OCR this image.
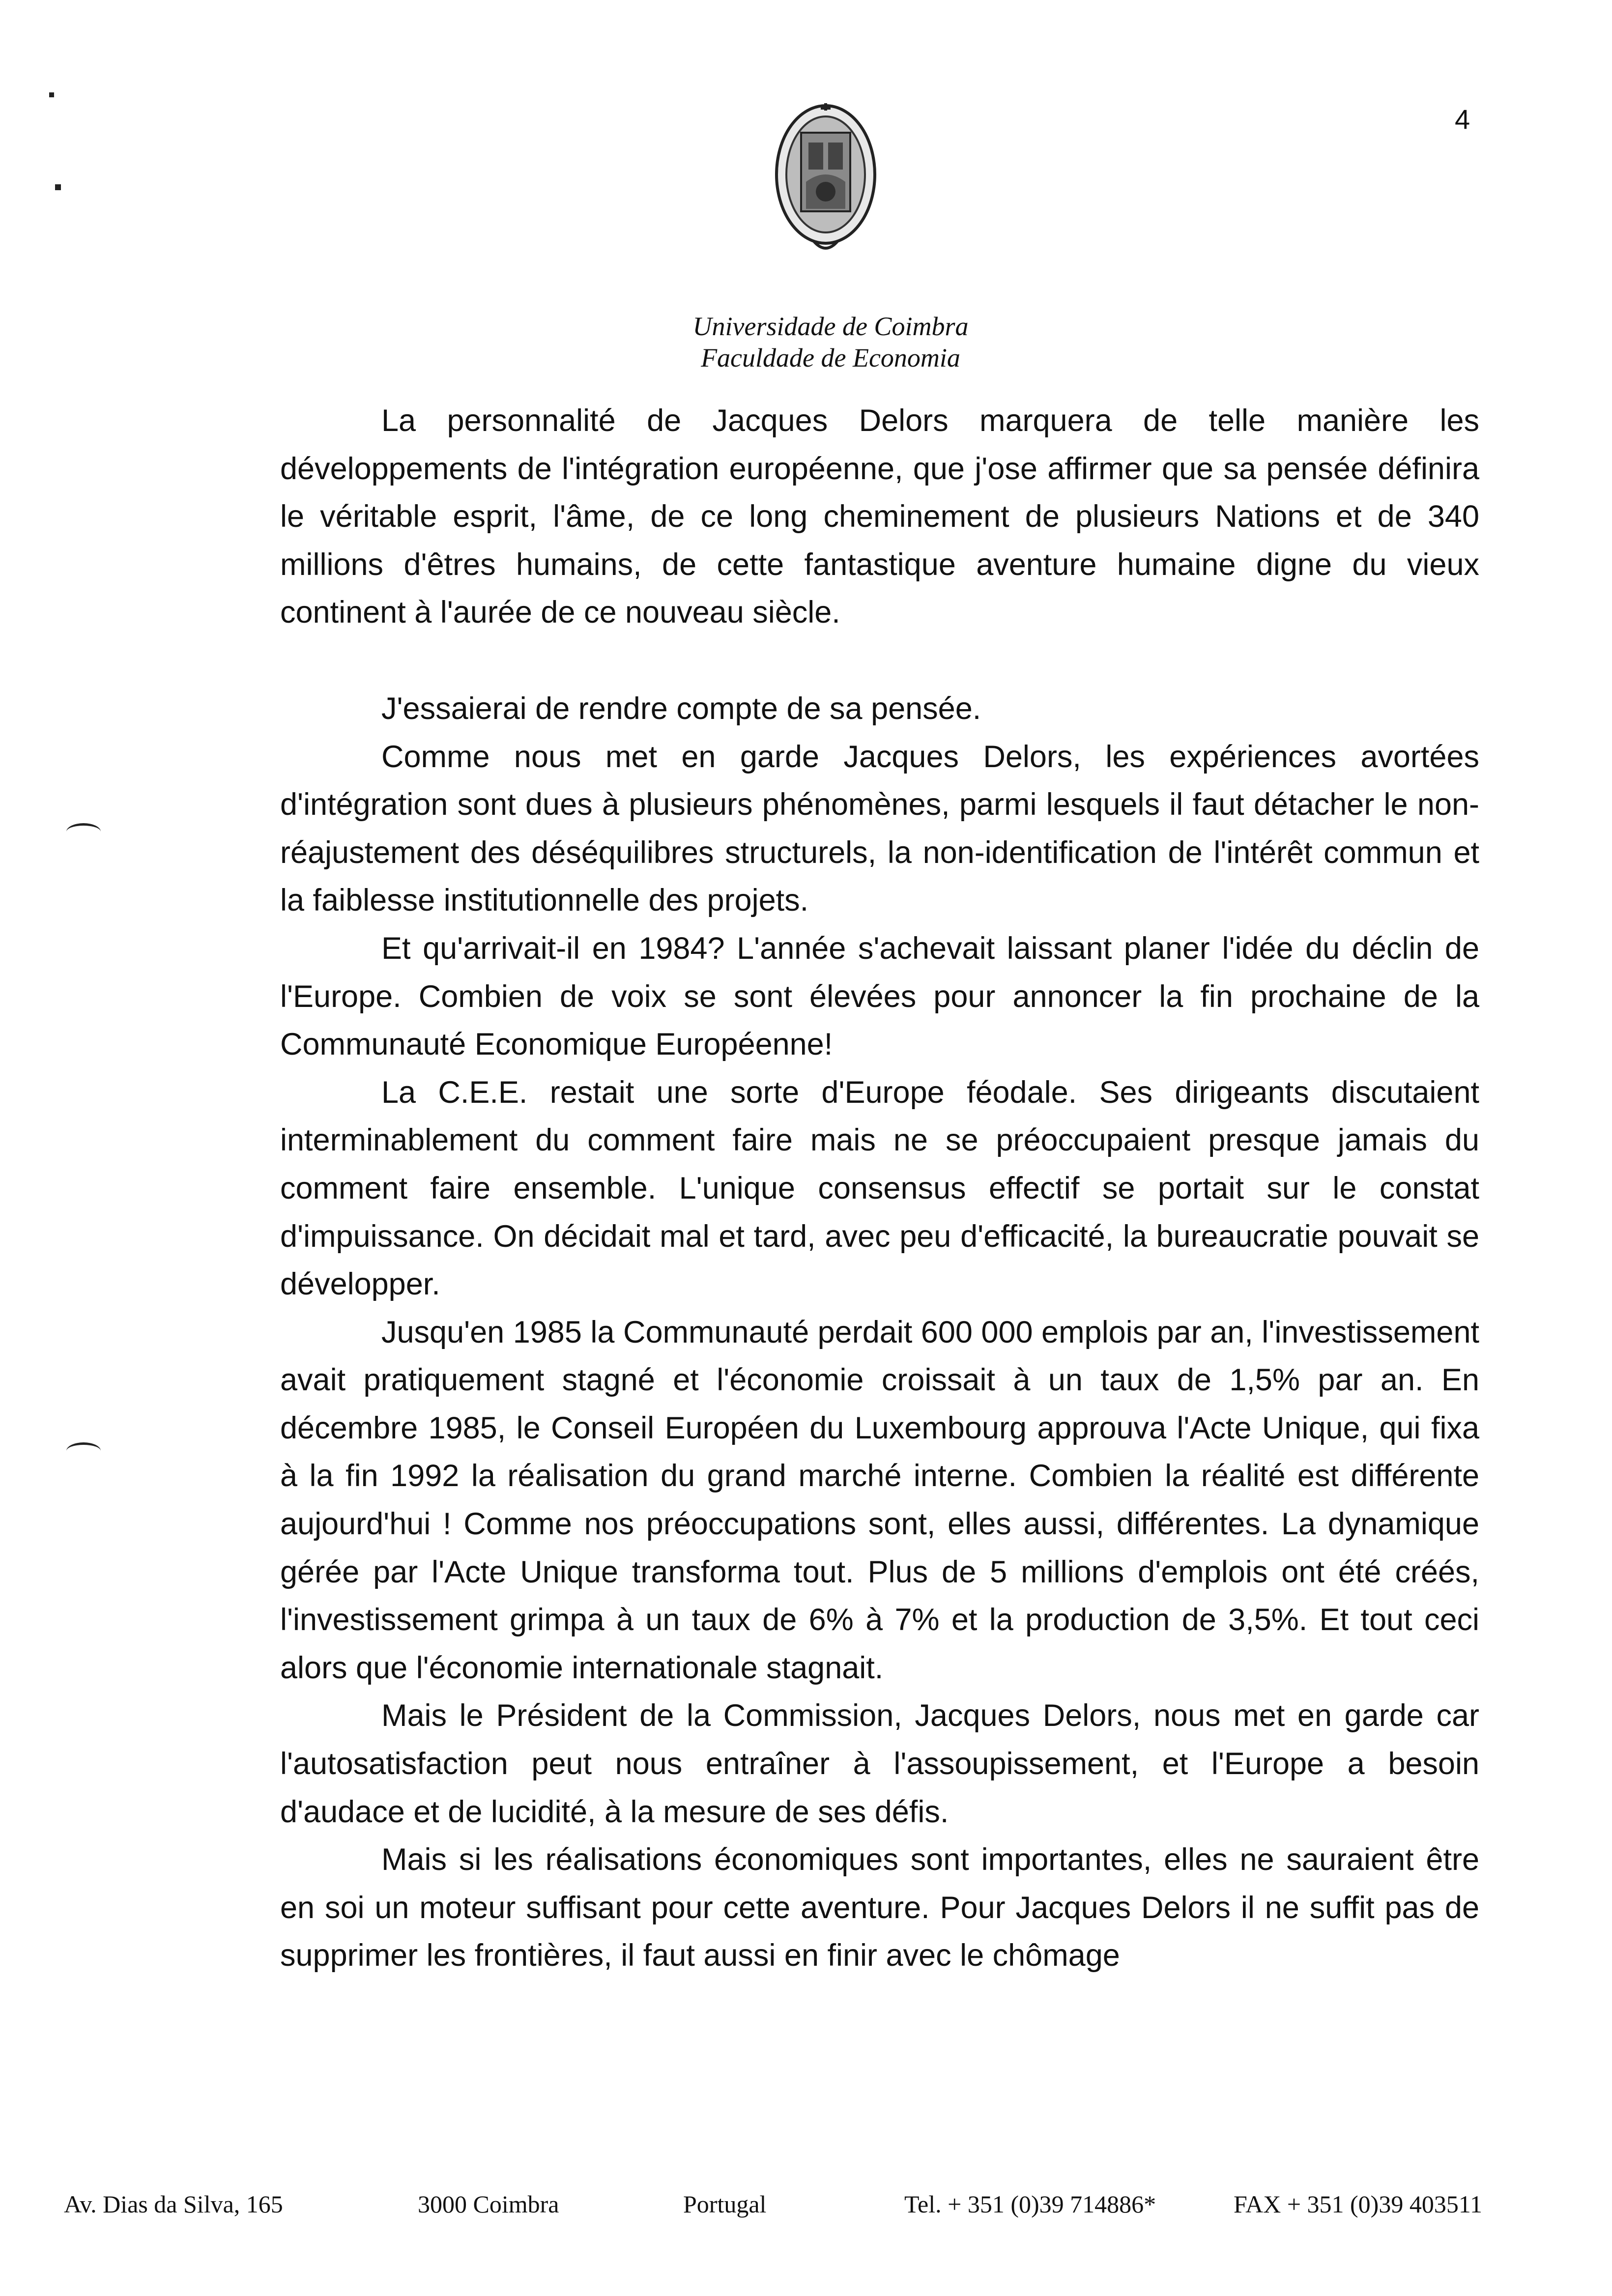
4
Universidade de Coimbra
Faculdade de Economia

La personnalité de Jacques Delors marquera de telle manière les développements de l'intégration européenne, que j'ose affirmer que sa pensée définira le véritable esprit, l'âme, de ce long cheminement de plusieurs Nations et de 340 millions d'êtres humains, de cette fantastique aventure humaine digne du vieux continent à l'aurée de ce nouveau siècle.

J'essaierai de rendre compte de sa pensée.

Comme nous met en garde Jacques Delors, les expériences avortées d'intégration sont dues à plusieurs phénomènes, parmi lesquels il faut détacher le non-réajustement des déséquilibres structurels, la non-identification de l'intérêt commun et la faiblesse institutionnelle des projets.

Et qu'arrivait-il en 1984? L'année s'achevait laissant planer l'idée du déclin de l'Europe. Combien de voix se sont élevées pour annoncer la fin prochaine de la Communauté Economique Européenne!

La C.E.E. restait une sorte d'Europe féodale. Ses dirigeants discutaient interminablement du comment faire mais ne se préoccupaient presque jamais du comment faire ensemble. L'unique consensus effectif se portait sur le constat d'impuissance. On décidait mal et tard, avec peu d'efficacité, la bureaucratie pouvait se développer.

Jusqu'en 1985 la Communauté perdait 600 000 emplois par an, l'investissement avait pratiquement stagné et l'économie croissait à un taux de 1,5% par an. En décembre 1985, le Conseil Européen du Luxembourg approuva l'Acte Unique, qui fixa à la fin 1992 la réalisation du grand marché interne. Combien la réalité est différente aujourd'hui ! Comme nos préoccupations sont, elles aussi, différentes. La dynamique gérée par l'Acte Unique transforma tout. Plus de 5 millions d'emplois ont été créés, l'investissement grimpa à un taux de 6% à 7% et la production de 3,5%. Et tout ceci alors que l'économie internationale stagnait.

Mais le Président de la Commission, Jacques Delors, nous met en garde car l'autosatisfaction peut nous entraîner à l'assoupissement, et l'Europe a besoin d'audace et de lucidité, à la mesure de ses défis.

Mais si les réalisations économiques sont importantes, elles ne sauraient être en soi un moteur suffisant pour cette aventure. Pour Jacques Delors il ne suffit pas de supprimer les frontières, il faut aussi en finir avec le chômage

Av. Dias da Silva, 165	3000 Coimbra	Portugal	Tel. + 351 (0)39 714886*	FAX + 351 (0)39 403511
